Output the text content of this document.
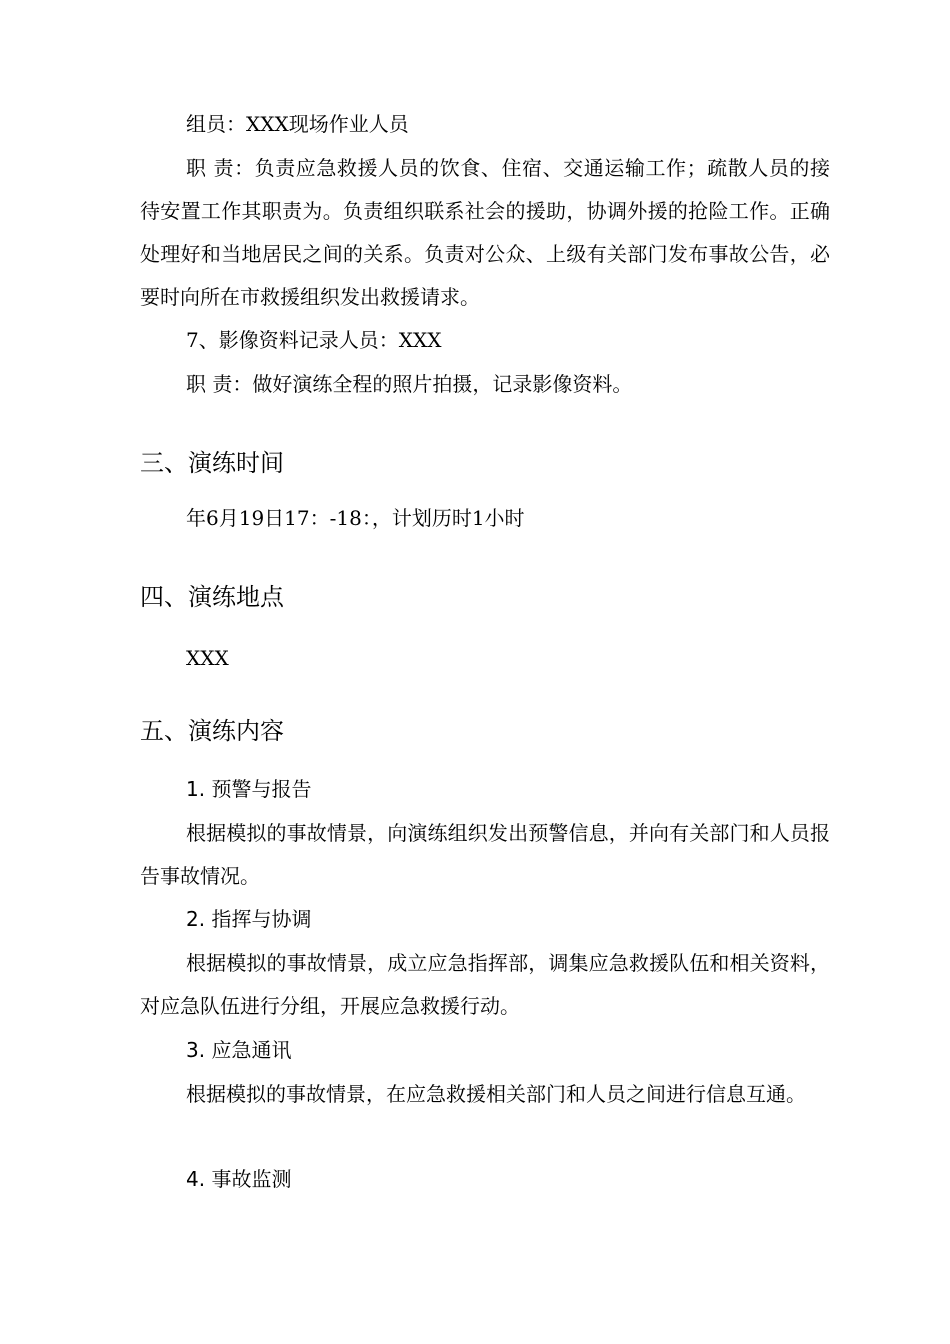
组员：XXX现场作业人员

职 责：负责应急救援人员的饮食、住宿、交通运输工作；疏散人员的接待安置工作其职责为。负责组织联系社会的援助，协调外援的抢险工作。正确处理好和当地居民之间的关系。负责对公众、上级有关部门发布事故公告，必要时向所在市救援组织发出救援请求。

7、影像资料记录人员：XXX

职 责：做好演练全程的照片拍摄，记录影像资料。

三、演练时间

年6月19日17：-18：，计划历时1小时

四、演练地点

XXX

五、演练内容

1. 预警与报告

根据模拟的事故情景，向演练组织发出预警信息，并向有关部门和人员报告事故情况。

2. 指挥与协调

根据模拟的事故情景，成立应急指挥部，调集应急救援队伍和相关资料，对应急队伍进行分组，开展应急救援行动。

3. 应急通讯

根据模拟的事故情景，在应急救援相关部门和人员之间进行信息互通。

4. 事故监测
